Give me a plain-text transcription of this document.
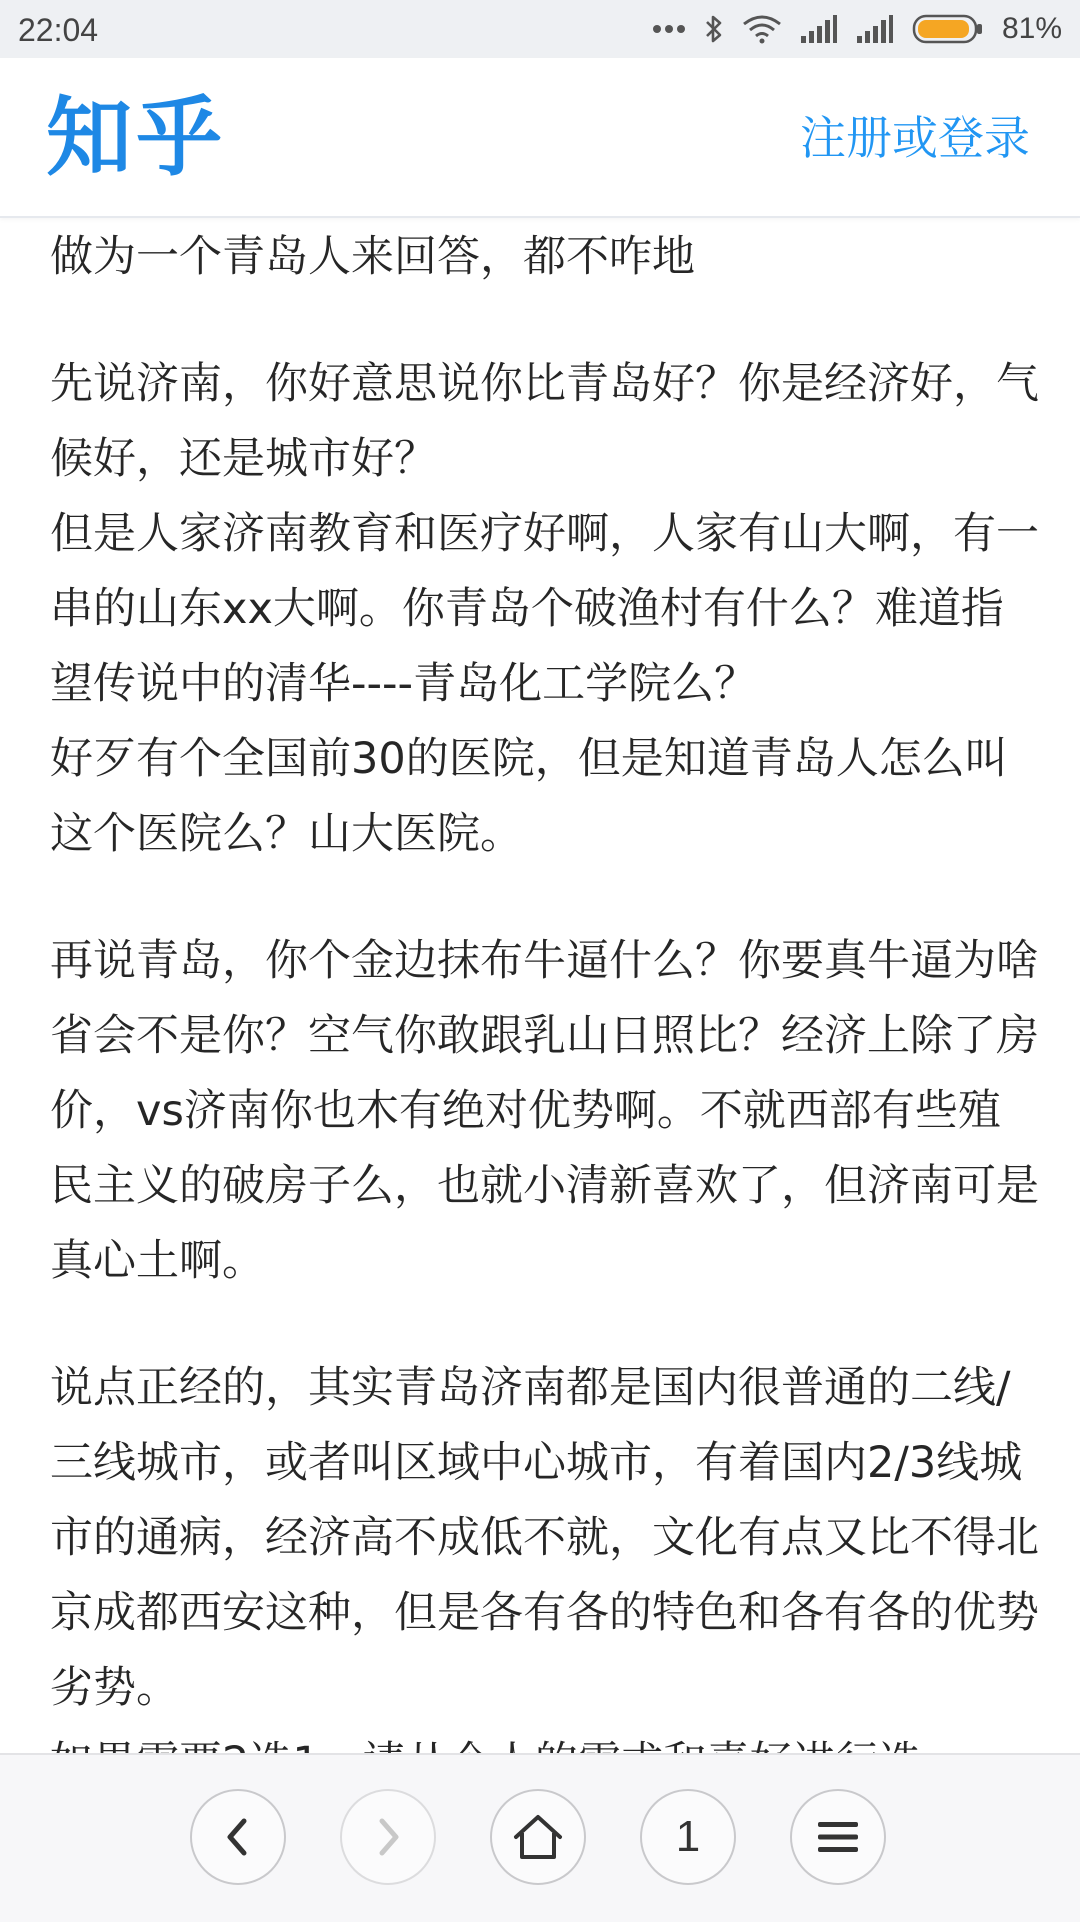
22:04	81%
知乎	注册或登录

做为一个青岛人来回答，都不咋地

先说济南，你好意思说你比青岛好？你是经济好，气候好，还是城市好？
但是人家济南教育和医疗好啊，人家有山大啊，有一串的山东xx大啊。你青岛个破渔村有什么？难道指望传说中的清华----青岛化工学院么？
好歹有个全国前30的医院，但是知道青岛人怎么叫这个医院么？山大医院。

再说青岛，你个金边抹布牛逼什么？你要真牛逼为啥省会不是你？空气你敢跟乳山日照比？经济上除了房价，vs济南你也木有绝对优势啊。不就西部有些殖民主义的破房子么，也就小清新喜欢了，但济南可是真心土啊。

说点正经的，其实青岛济南都是国内很普通的二线/三线城市，或者叫区域中心城市，有着国内2/3线城市的通病，经济高不成低不就，文化有点又比不得北京成都西安这种，但是各有各的特色和各有各的优势劣势。

1
